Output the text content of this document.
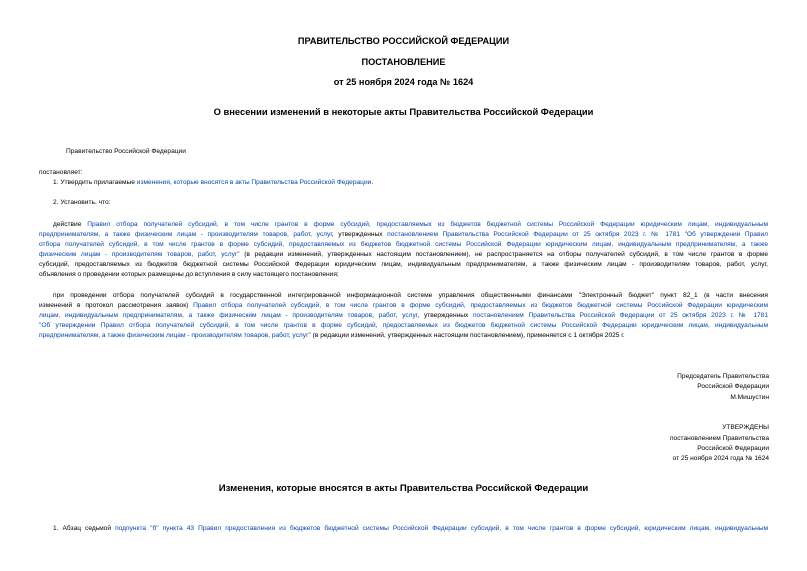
ПРАВИТЕЛЬСТВО РОССИЙСКОЙ ФЕДЕРАЦИИ
ПОСТАНОВЛЕНИЕ
от 25 ноября 2024 года № 1624
О внесении изменений в некоторые акты Правительства Российской Федерации
Правительство Российской Федерации
постановляет:
1. Утвердить прилагаемые изменения, которые вносятся в акты Правительства Российской Федерации.
2. Установить, что:
действие Правил отбора получателей субсидий, в том числе грантов в форме субсидий, предоставляемых из бюджетов бюджетной системы Российской Федерации юридическим лицам, индивидуальным
предпринимателям, а также физическим лицам - производителям товаров, работ, услуг, утвержденных постановлением Правительства Российской Федерации от 25 октября 2023 г. № 1781 "Об утверждении Правил
отбора получателей субсидий, в том числе грантов в форме субсидий, предоставляемых из бюджетов бюджетной системы Российской Федерации юридическим лицам, индивидуальным предпринимателям, а также
физическим лицам - производителям товаров, работ, услуг" (в редакции изменений, утвержденных настоящим постановлением), не распространяется на отборы получателей субсидий, в том числе грантов в форме
субсидий, предоставляемых из бюджетов бюджетной системы Российской Федерации юридическим лицам, индивидуальным предпринимателям, а также физическим лицам - производителям товаров, работ, услуг,
объявления о проведении которых размещены до вступления в силу настоящего постановления;
при проведении отбора получателей субсидий в государственной интегрированной информационной системе управления общественными финансами "Электронный бюджет" пункт 82_1 (в части внесения
изменений в протокол рассмотрения заявок) Правил отбора получателей субсидий, в том числе грантов в форме субсидий, предоставляемых из бюджетов бюджетной системы Российской Федерации юридическим
лицам, индивидуальным предпринимателям, а также физическим лицам - производителям товаров, работ, услуг, утвержденных постановлением Правительства Российской Федерации от 25 октября 2023 г. № 1781
"Об утверждении Правил отбора получателей субсидий, в том числе грантов в форме субсидий, предоставляемых из бюджетов бюджетной системы Российской Федерации юридическим лицам, индивидуальным
предпринимателям, а также физическим лицам - производителям товаров, работ, услуг" (в редакции изменений, утвержденных настоящим постановлением), применяется с 1 октября 2025 г.
Председатель Правительства
Российской Федерации
М.Мишустин
УТВЕРЖДЕНЫ
постановлением Правительства
Российской Федерации
от 25 ноября 2024 года № 1624
Изменения, которые вносятся в акты Правительства Российской Федерации
1. Абзац седьмой подпункта "б" пункта 43 Правил предоставления из бюджетов бюджетной системы Российской Федерации субсидий, в том числе грантов в форме субсидий, юридическим лицам, индивидуальным
